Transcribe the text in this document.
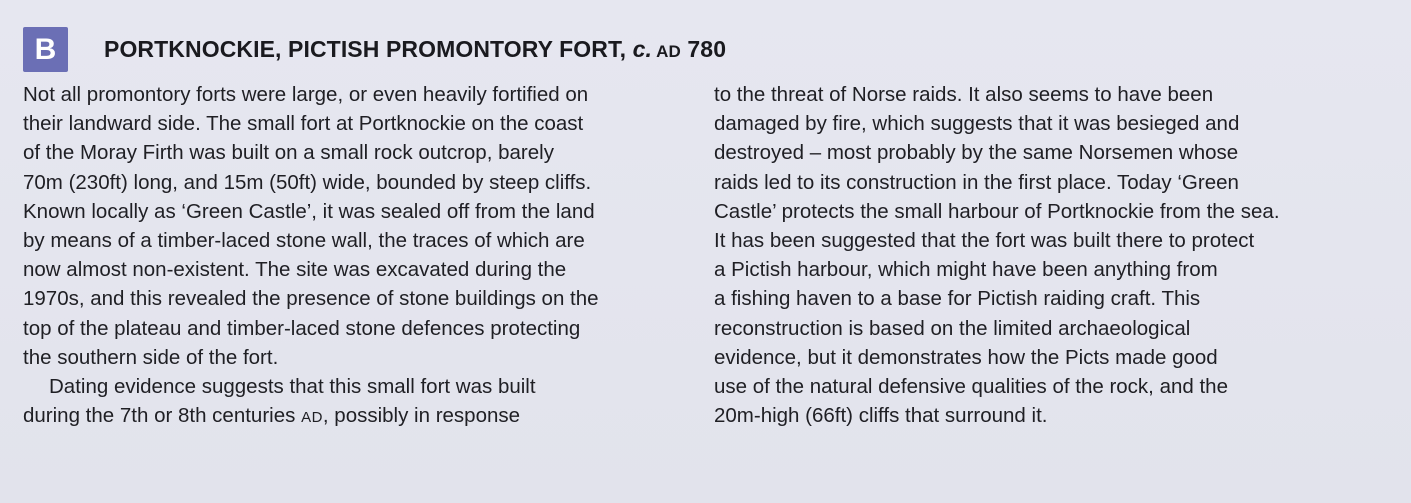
B	PORTKNOCKIE, PICTISH PROMONTORY FORT, c. AD 780
Not all promontory forts were large, or even heavily fortified on
their landward side. The small fort at Portknockie on the coast
of the Moray Firth was built on a small rock outcrop, barely
70m (230ft) long, and 15m (50ft) wide, bounded by steep cliffs.
Known locally as ‘Green Castle’, it was sealed off from the land
by means of a timber-laced stone wall, the traces of which are
now almost non-existent. The site was excavated during the
1970s, and this revealed the presence of stone buildings on the
top of the plateau and timber-laced stone defences protecting
the southern side of the fort.
Dating evidence suggests that this small fort was built
during the 7th or 8th centuries AD, possibly in response
to the threat of Norse raids. It also seems to have been
damaged by fire, which suggests that it was besieged and
destroyed – most probably by the same Norsemen whose
raids led to its construction in the first place. Today ‘Green
Castle’ protects the small harbour of Portknockie from the sea.
It has been suggested that the fort was built there to protect
a Pictish harbour, which might have been anything from
a fishing haven to a base for Pictish raiding craft. This
reconstruction is based on the limited archaeological
evidence, but it demonstrates how the Picts made good
use of the natural defensive qualities of the rock, and the
20m-high (66ft) cliffs that surround it.
